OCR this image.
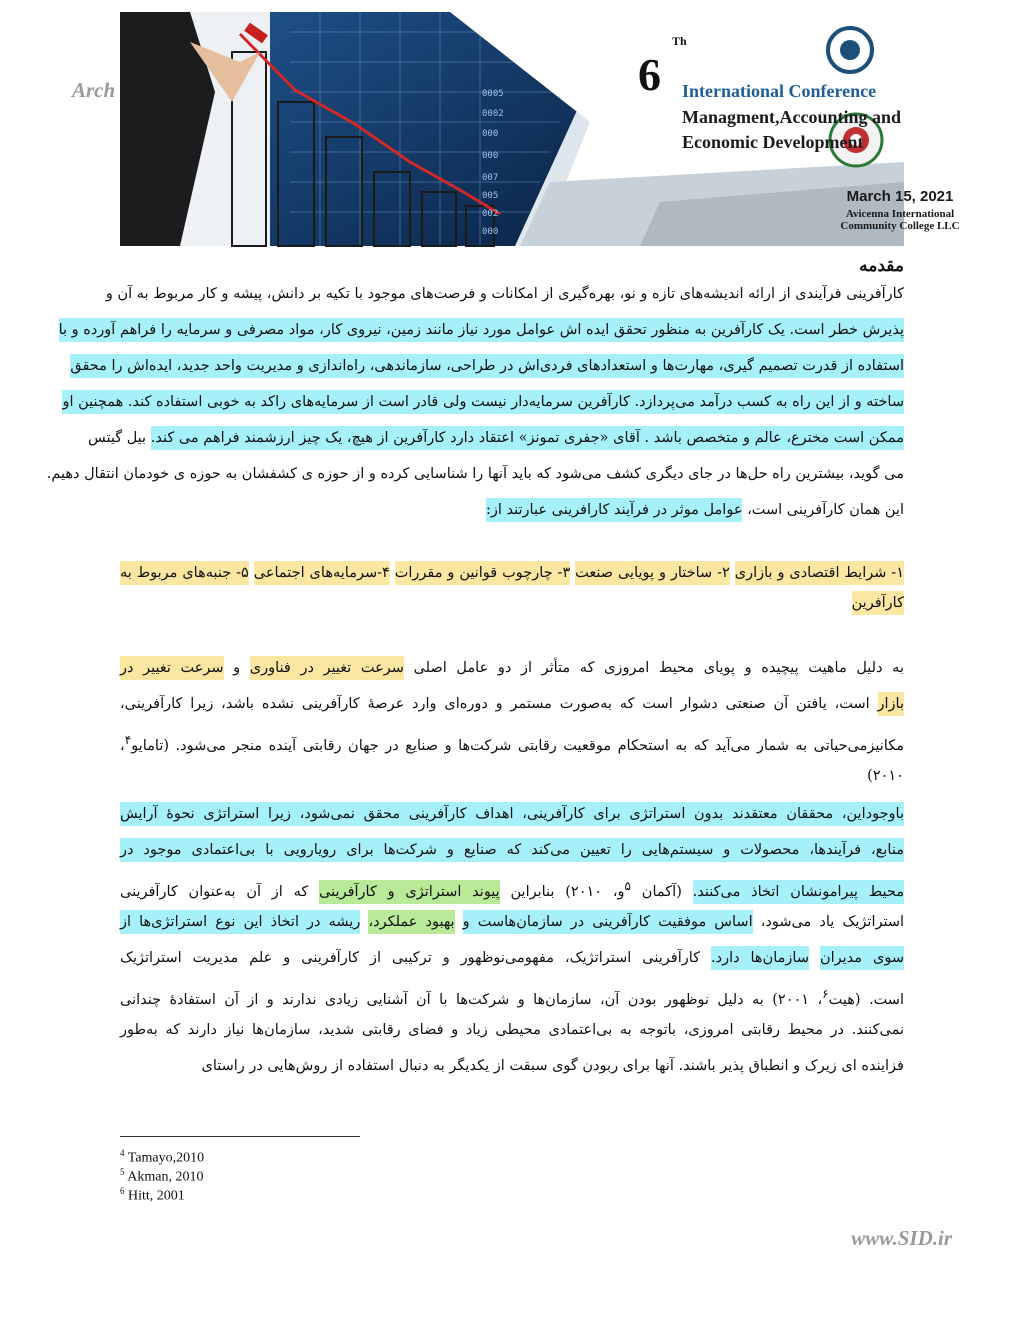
Arch	0005
0002
000
000
007
005
002
000
Th
6 International Conference
Managment,Accounting and
Economic Development
March 15, 2021
Avicenna International
Community College LLC
مقدمه
کارآفرینی فرآیندی از ارائه اندیشه‌های تازه و نو، بهره‌گیری از امکانات و فرصت‌های موجود با تکیه بر دانش، پیشه و کار مربوط به آن و
پذیرش خطر است. یک کارآفرین به منظور تحقق ایده اش عوامل مورد نیاز مانند زمین، نیروی کار، مواد مصرفی و سرمایه را فراهم آورده و با
استفاده از قدرت تصمیم گیری، مهارت‌ها و استعدادهای فردی‌اش در طراحی، سازماندهی، راه‌اندازی و مدیریت واحد جدید، ایده‌اش را محقق
ساخته و از این راه به کسب درآمد می‌پردازد. کارآفرین سرمایه‌دار نیست ولی قادر است از سرمایه‌های راکد به خوبی استفاده کند. همچنین او
ممکن است مخترع، عالم و متخصص باشد . آقای «جفری تمونز» اعتقاد دارد کارآفرین از هیچ، یک چیز ارزشمند فراهم می کند. بیل گیتس
می گوید، بیشترین راه حل‌ها در جای دیگری کشف می‌شود که باید آنها را شناسایی کرده و از حوزه ی کشفشان به حوزه ی خودمان انتقال دهیم.
این همان کارآفرینی است، عوامل موثر در فرآیند کارافرینی عبارتند از:
۱- شرایط اقتصادی و بازاری ۲- ساختار و پویایی صنعت ۳- چارچوب قوانین و مقررات ۴-سرمایه‌های اجتماعی ۵- جنبه‌های مربوط به
کارآفرین
به دلیل ماهیت پیچیده و پویای محیط امروزی که متأثر از دو عامل اصلی سرعت تغییر در فناوری و سرعت تغییر در
بازار است، یافتن آن صنعتی دشوار است که به‌صورت مستمر و دوره‌ای وارد عرصهٔ کارآفرینی نشده باشد، زیرا کارآفرینی،
مکانیزمی‌حیاتی به شمار می‌آید که به استحکام موقعیت رقابتی شرکت‌ها و صنایع در جهان رقابتی آینده منجر می‌شود. (تامایو$^۴$،
۲۰۱۰)
باوجوداین، محققان معتقدند بدون استراتژی برای کارآفرینی، اهداف کارآفرینی محقق نمی‌شود، زیرا استراتژی نحوهٔ آرایش
منابع، فرآیندها، محصولات و سیستم‌هایی را تعیین می‌کند که صنایع و شرکت‌ها برای رویارویی با بی‌اعتمادی موجود در
محیط پیرامونشان اتخاذ می‌کنند. (آکمان $^۵$و، ۲۰۱۰) بنابراین پیوند استراتژی و کارآفرینی که از آن به‌عنوان کارآفرینی
استراتژیک یاد می‌شود، اساس موفقیت کارآفرینی در سازمان‌هاست و بهبود عملکرد، ریشه در اتخاذ این نوع استراتژی‌ها از
سوی مدیران سازمان‌ها دارد. کارآفرینی استراتژیک، مفهومی‌نوظهور و ترکیبی از کارآفرینی و علم مدیریت استراتژیک
است. (هیت$^۶$، ۲۰۰۱) به دلیل نوظهور بودن آن، سازمان‌ها و شرکت‌ها با آن آشنایی زیادی ندارند و از آن استفادهٔ چندانی
نمی‌کنند. در محیط رقابتی امروزی، باتوجه به بی‌اعتمادی محیطی زیاد و فضای رقابتی شدید، سازمان‌ها نیاز دارند که به‌طور
فزاینده ای زیرک و انطباق پذیر باشند. آنها برای ربودن گوی سبقت از یکدیگر به دنبال استفاده از روش‌هایی در راستای
$^4$ Tamayo,2010
$^5$ Akman, 2010
$^6$ Hitt, 2001
www.SID.ir
